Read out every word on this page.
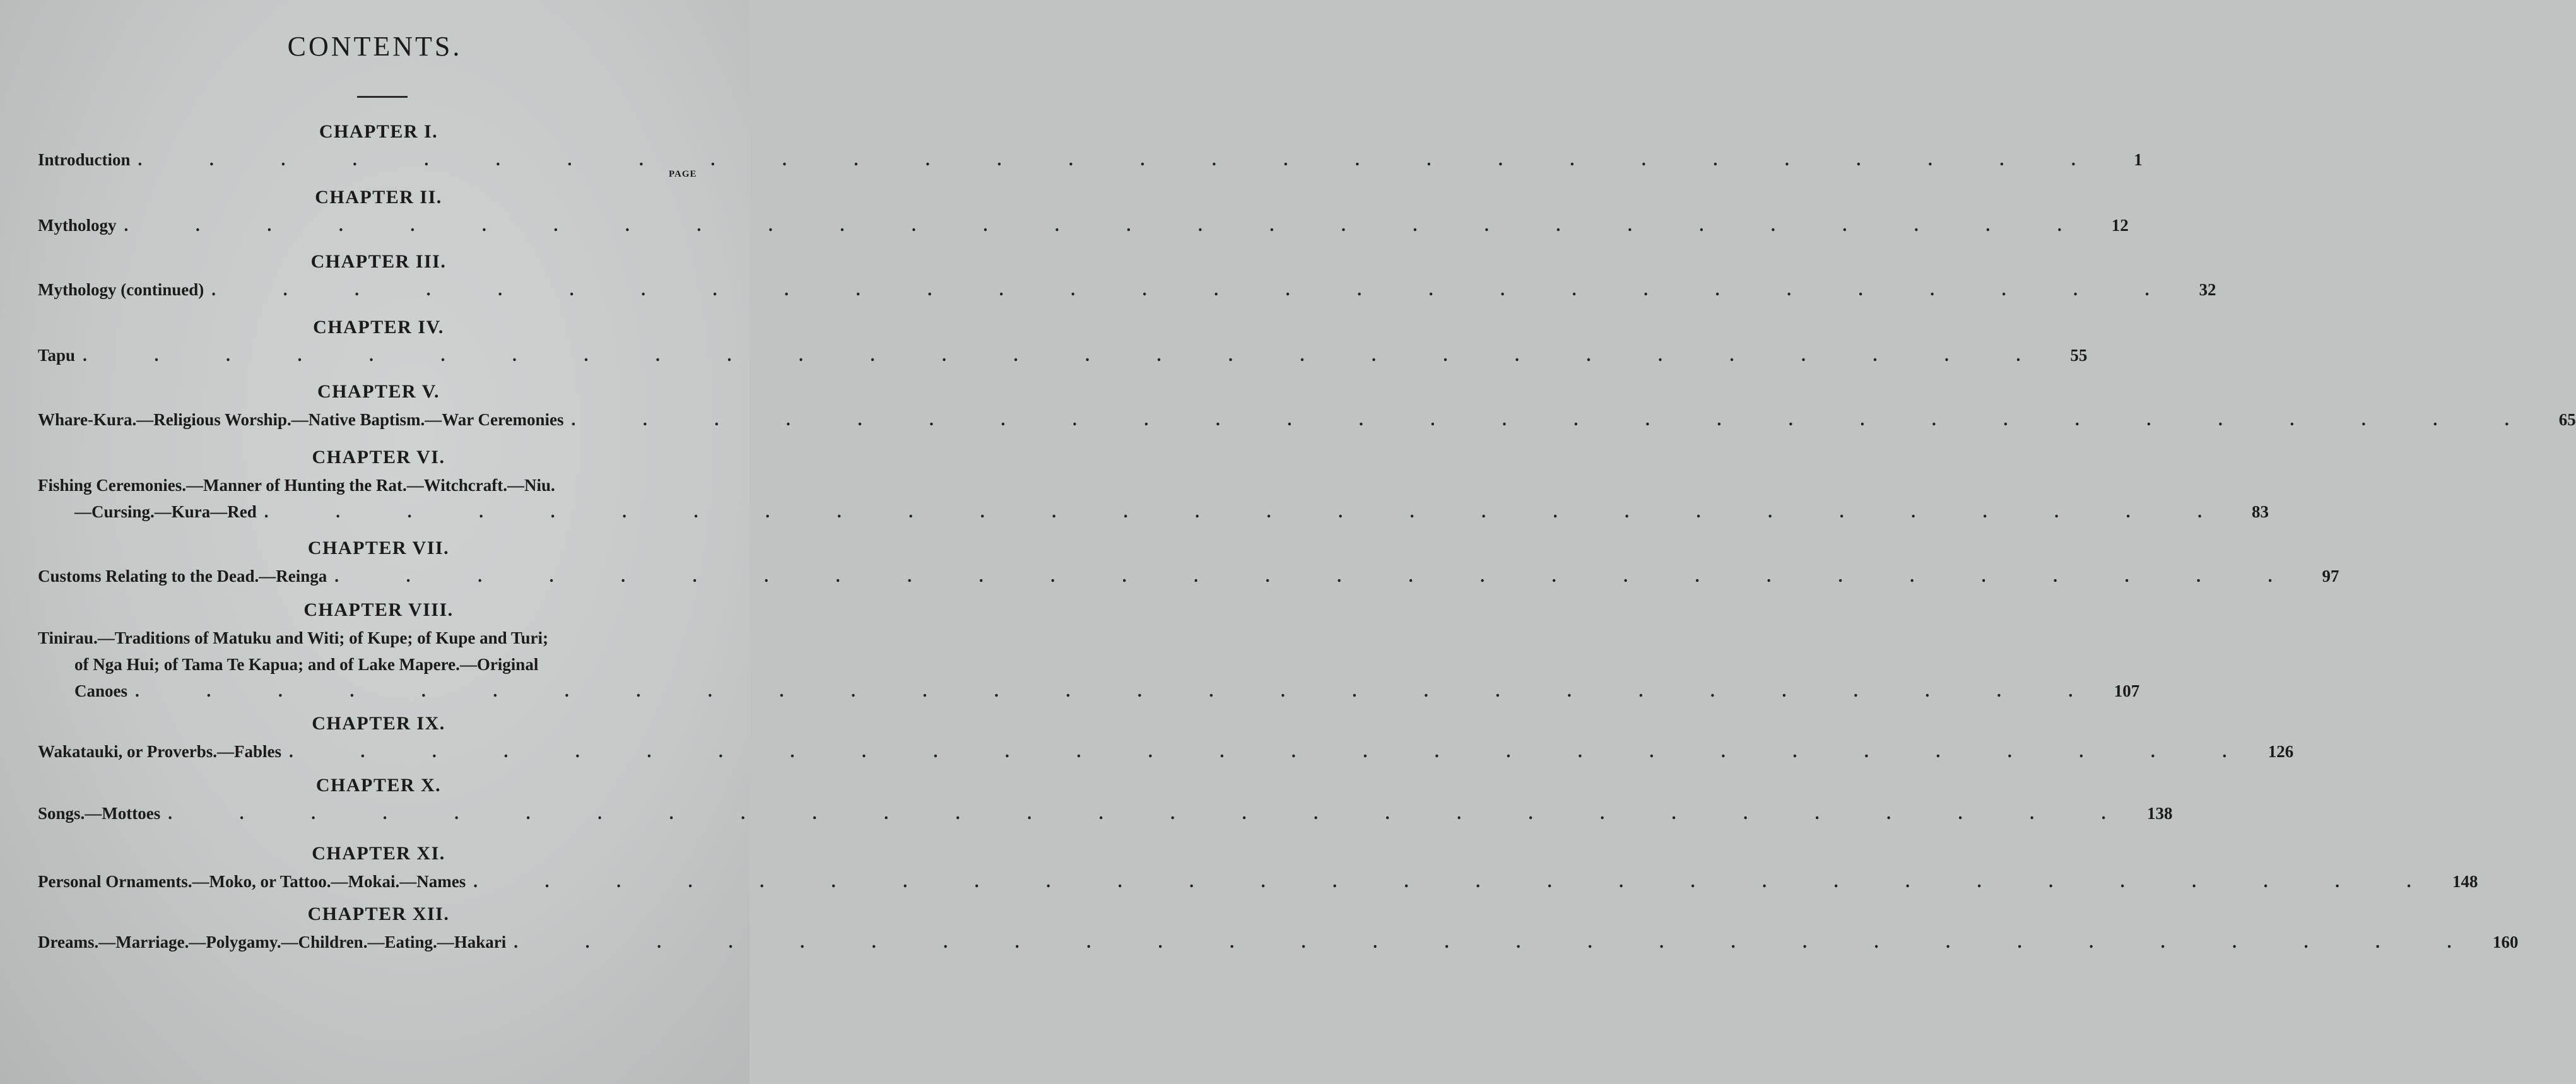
CONTENTS.
PAGE
CHAPTER I.
Introduction . . . . . . . . . . . . . . . . . . . . . . . . . . . .	1
CHAPTER II.
Mythology . . . . . . . . . . . . . . . . . . . . . . . . . . . .	12
CHAPTER III.
Mythology (continued) . . . . . . . . . . . . . . . . . . . . . . . . . . . .	32
CHAPTER IV.
Tapu . . . . . . . . . . . . . . . . . . . . . . . . . . . .	55
CHAPTER V.
Whare-Kura.—Religious Worship.—Native Baptism.—War Ceremonies . . . . . . . . . . . . . . . . . . . . . . . . . . . .	65
CHAPTER VI.
Fishing Ceremonies.—Manner of Hunting the Rat.—Witchcraft.—Niu.
—Cursing.—Kura—Red . . . . . . . . . . . . . . . . . . . . . . . . . . . .	83
CHAPTER VII.
Customs Relating to the Dead.—Reinga . . . . . . . . . . . . . . . . . . . . . . . . . . . .	97
CHAPTER VIII.
Tinirau.—Traditions of Matuku and Witi; of Kupe; of Kupe and Turi;
of Nga Hui; of Tama Te Kapua; and of Lake Mapere.—Original
Canoes . . . . . . . . . . . . . . . . . . . . . . . . . . . . 107
CHAPTER IX.
Wakatauki, or Proverbs.—Fables . . . . . . . . . . . . . . . . . . . . . . . . . . . . 126
CHAPTER X.
Songs.—Mottoes . . . . . . . . . . . . . . . . . . . . . . . . . . . . 138
CHAPTER XI.
Personal Ornaments.—Moko, or Tattoo.—Mokai.—Names . . . . . . . . . . . . . . . . . . . . . . . . . . . . 148
CHAPTER XII.
Dreams.—Marriage.—Polygamy.—Children.—Eating.—Hakari . . . . . . . . . . . . . . . . . . . . . . . . . . . . 160
